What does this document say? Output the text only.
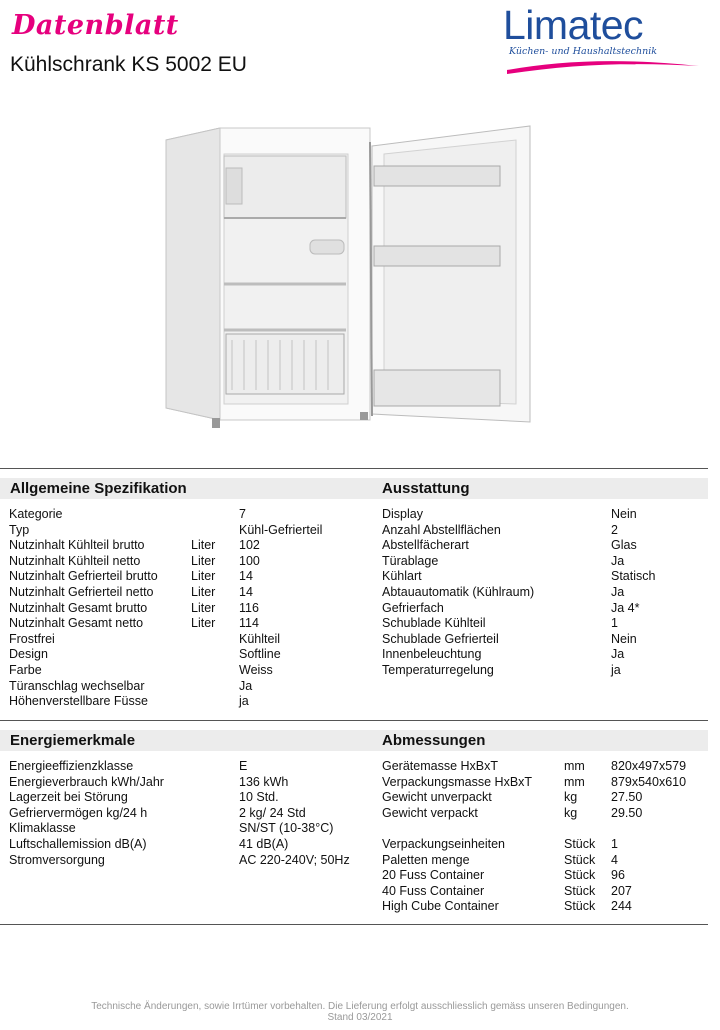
Datenblatt
Kühlschrank KS 5002 EU
Limatec
Küchen- und Haushaltstechnik
Allgemeine Spezifikation	Ausstattung
Kategorie	7
Typ	Kühl-Gefrierteil
Nutzinhalt Kühlteil brutto	Liter 102
Nutzinhalt Kühlteil netto	Liter 100
Nutzinhalt Gefrierteil brutto	Liter 14
Nutzinhalt Gefrierteil netto	Liter 14
Nutzinhalt Gesamt brutto	Liter 116
Nutzinhalt Gesamt netto	Liter 114
Frostfrei	Kühlteil
Design	Softline
Farbe	Weiss
Türanschlag wechselbar	Ja
Höhenverstellbare Füsse	ja
Display	Nein
Anzahl Abstellflächen	2
Abstellfächerart	Glas
Türablage	Ja
Kühlart	Statisch
Abtauautomatik (Kühlraum)	Ja
Gefrierfach	Ja 4*
Schublade Kühlteil	1
Schublade Gefrierteil	Nein
Innenbeleuchtung	Ja
Temperaturregelung	ja
Energiemerkmale	Abmessungen
Energieeffizienzklasse	E
Energieverbrauch kWh/Jahr	136 kWh
Lagerzeit bei Störung	10 Std.
Gefriervermögen kg/24 h	2 kg/ 24 Std
Klimaklasse	SN/ST (10-38°C)
Luftschallemission dB(A)	41 dB(A)
Stromversorgung	AC 220-240V; 50Hz
Gerätemasse HxBxT	mm 820x497x579
Verpackungsmasse HxBxT	mm 879x540x610
Gewicht unverpackt	kg	27.50
Gewicht verpackt	kg	29.50
Verpackungseinheiten	Stück 1
Paletten menge	Stück 4
20 Fuss Container	Stück 96
40 Fuss Container	Stück 207
High Cube Container	Stück 244
Technische Änderungen, sowie Irrtümer vorbehalten. Die Lieferung erfolgt ausschliesslich gemäss unseren Bedingungen.
Stand 03/2021
